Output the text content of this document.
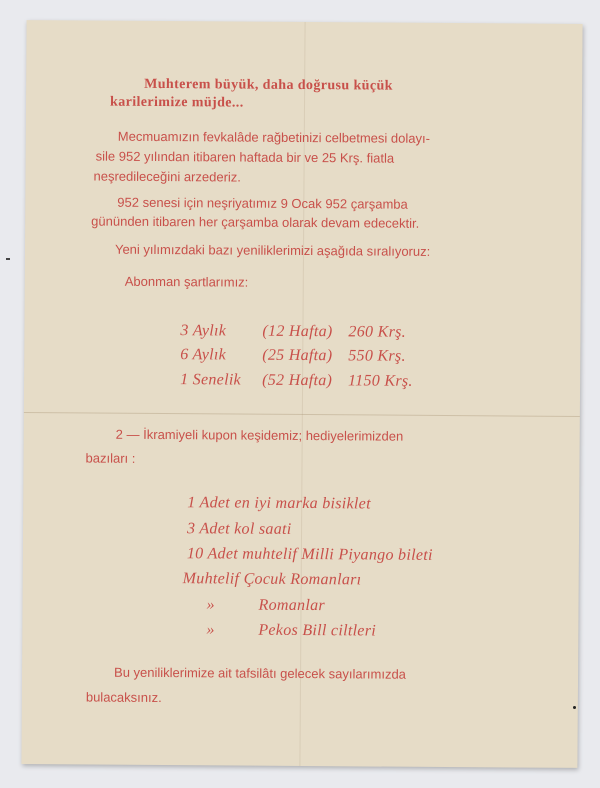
Muhterem büyük, daha doğrusu küçük
karilerimize müjde...
Mecmuamızın fevkalâde rağbetinizi celbetmesi dolayı-
sile 952 yılından itibaren haftada bir ve 25 Krş. fiatla
neşredileceğini arzederiz.
952 senesi için neşriyatımız 9 Ocak 952 çarşamba
gününden itibaren her çarşamba olarak devam edecektir.
Yeni yılımızdaki bazı yeniliklerimizi aşağıda sıralıyoruz:
Abonman şartlarımız:
3 Aylık (12 Hafta) 260 Krş.
6 Aylık (25 Hafta) 550 Krş.
1 Senelik (52 Hafta) 1150 Krş.
2 — İkramiyeli kupon keşidemiz; hediyelerimizden
bazıları :
1 Adet en iyi marka bisiklet
3 Adet kol saati
10 Adet muhtelif Milli Piyango bileti
Muhtelif Çocuk Romanları
»	Romanlar
»	Pekos Bill ciltleri
Bu yeniliklerimize ait tafsilâtı gelecek sayılarımızda
bulacaksınız.
